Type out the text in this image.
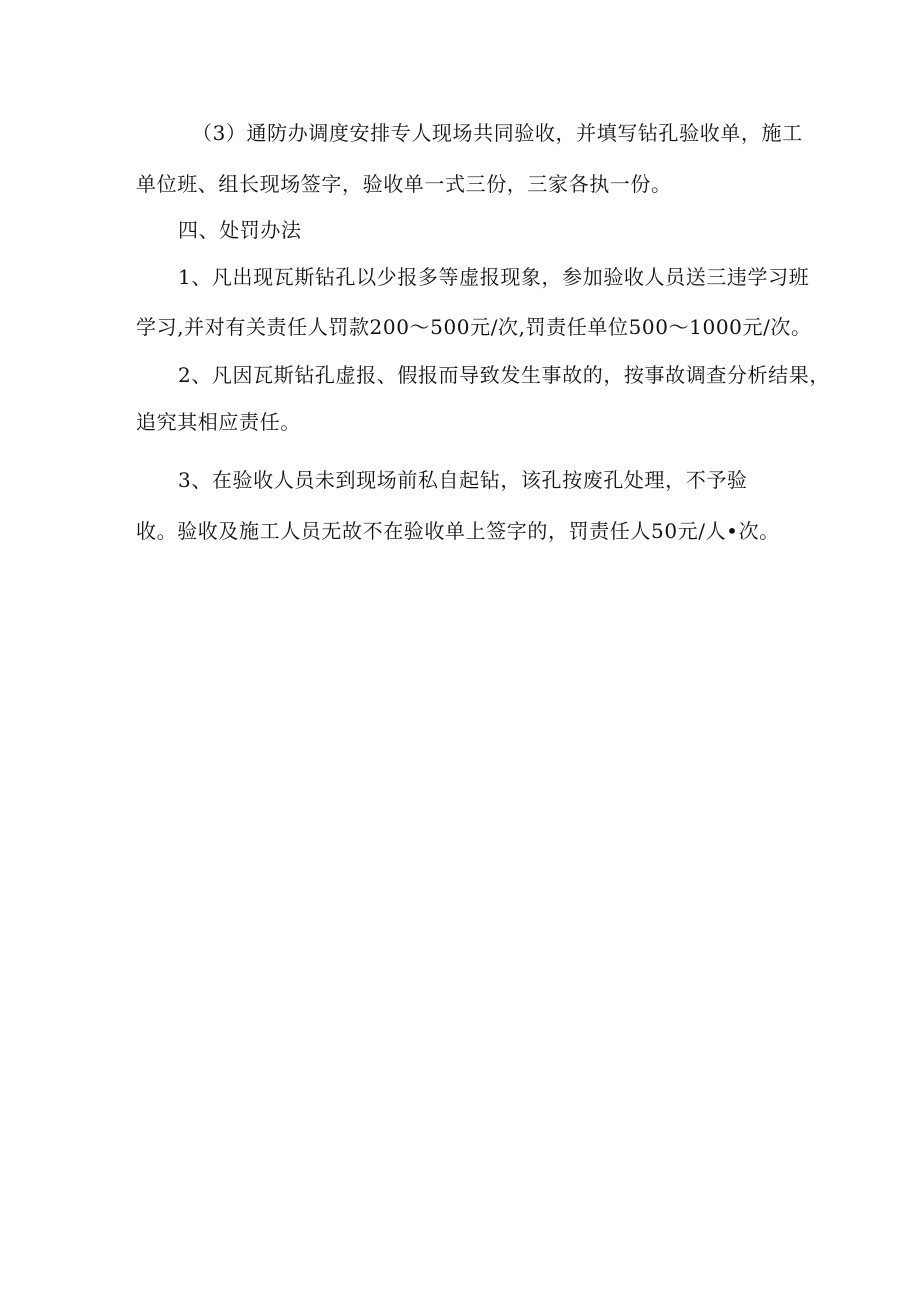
（3）通防办调度安排专人现场共同验收，并填写钻孔验收单，施工
单位班、组长现场签字，验收单一式三份，三家各执一份。
四、处罚办法
1、凡出现瓦斯钻孔以少报多等虚报现象，参加验收人员送三违学习班
学习,并对有关责任人罚款200～500元/次,罚责任单位500～1000元/次。
2、凡因瓦斯钻孔虚报、假报而导致发生事故的，按事故调查分析结果，
追究其相应责任。
3、在验收人员未到现场前私自起钻，该孔按废孔处理，不予验
收。验收及施工人员无故不在验收单上签字的，罚责任人50元/人•次。
